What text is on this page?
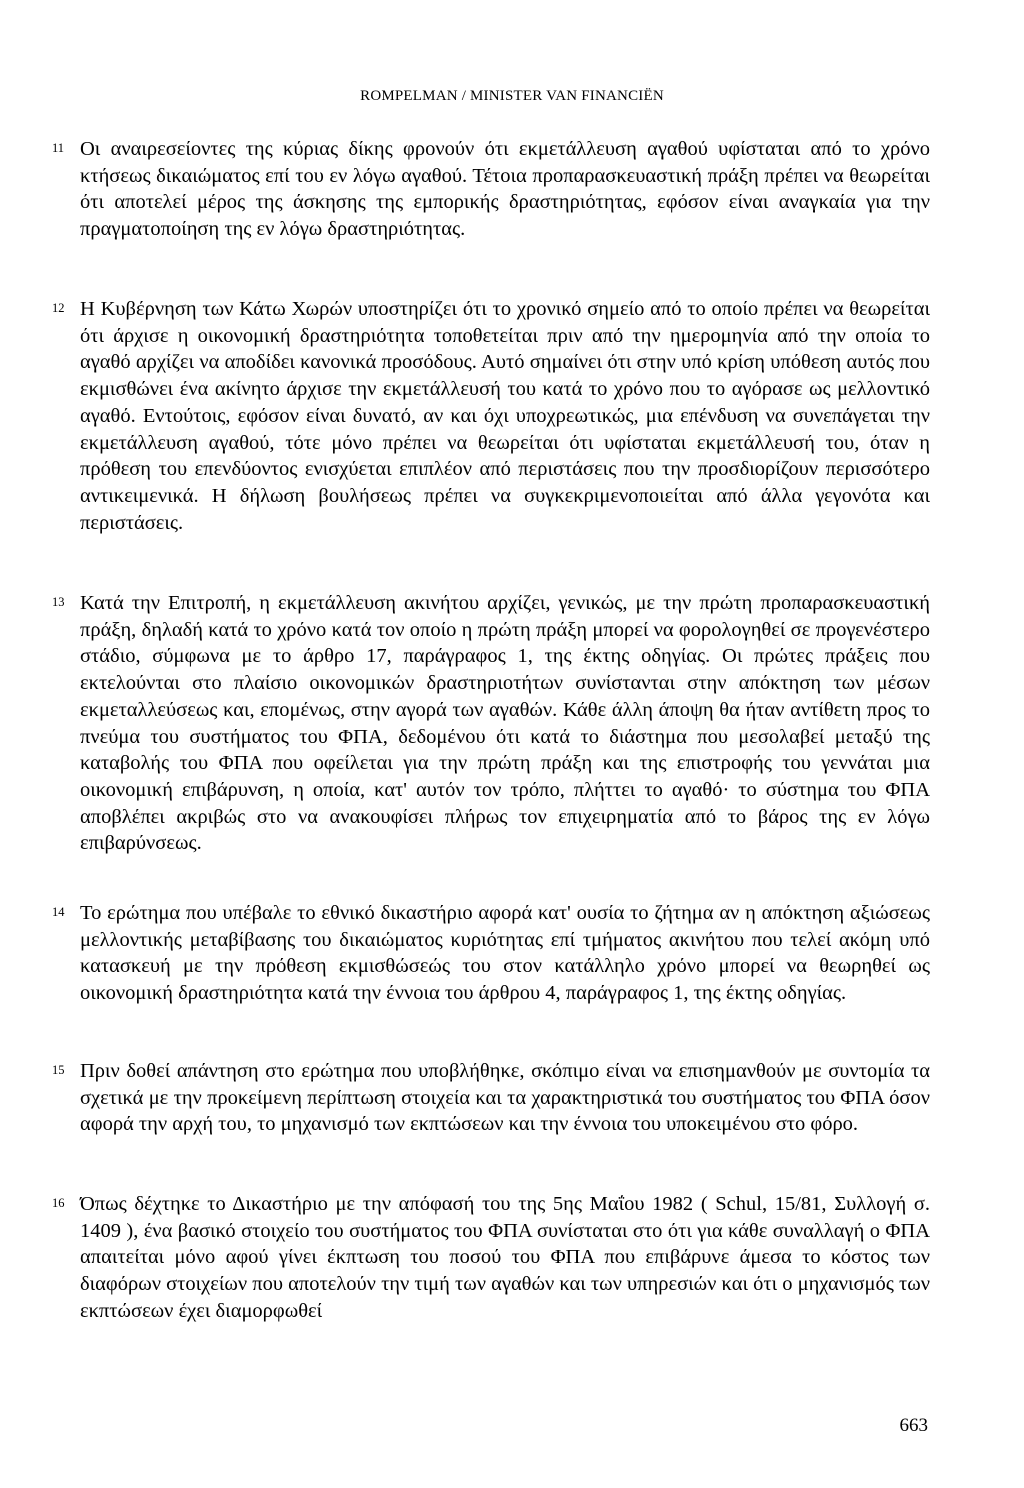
ROMPELMAN / MINISTER VAN FINANCIËN
11 Οι αναιρεσείοντες της κύριας δίκης φρονούν ότι εκμετάλλευση αγαθού υφίσταται από το χρόνο κτήσεως δικαιώματος επί του εν λόγω αγαθού. Τέτοια προπαρασκευαστική πράξη πρέπει να θεωρείται ότι αποτελεί μέρος της άσκησης της εμπορικής δραστηριότητας, εφόσον είναι αναγκαία για την πραγματοποίηση της εν λόγω δραστηριότητας.
12 Η Κυβέρνηση των Κάτω Χωρών υποστηρίζει ότι το χρονικό σημείο από το οποίο πρέπει να θεωρείται ότι άρχισε η οικονομική δραστηριότητα τοποθετείται πριν από την ημερομηνία από την οποία το αγαθό αρχίζει να αποδίδει κανονικά προσόδους. Αυτό σημαίνει ότι στην υπό κρίση υπόθεση αυτός που εκμισθώνει ένα ακίνητο άρχισε την εκμετάλλευσή του κατά το χρόνο που το αγόρασε ως μελλοντικό αγαθό. Εντούτοις, εφόσον είναι δυνατό, αν και όχι υποχρεωτικώς, μια επένδυση να συνεπάγεται την εκμετάλλευση αγαθού, τότε μόνο πρέπει να θεωρείται ότι υφίσταται εκμετάλλευσή του, όταν η πρόθεση του επενδύοντος ενισχύεται επιπλέον από περιστάσεις που την προσδιορίζουν περισσότερο αντικειμενικά. Η δήλωση βουλήσεως πρέπει να συγκεκριμενοποιείται από άλλα γεγονότα και περιστάσεις.
13 Κατά την Επιτροπή, η εκμετάλλευση ακινήτου αρχίζει, γενικώς, με την πρώτη προπαρασκευαστική πράξη, δηλαδή κατά το χρόνο κατά τον οποίο η πρώτη πράξη μπορεί να φορολογηθεί σε προγενέστερο στάδιο, σύμφωνα με το άρθρο 17, παράγραφος 1, της έκτης οδηγίας. Οι πρώτες πράξεις που εκτελούνται στο πλαίσιο οικονομικών δραστηριοτήτων συνίστανται στην απόκτηση των μέσων εκμεταλλεύσεως και, επομένως, στην αγορά των αγαθών. Κάθε άλλη άποψη θα ήταν αντίθετη προς το πνεύμα του συστήματος του ΦΠΑ, δεδομένου ότι κατά το διάστημα που μεσολαβεί μεταξύ της καταβολής του ΦΠΑ που οφείλεται για την πρώτη πράξη και της επιστροφής του γεννάται μια οικονομική επιβάρυνση, η οποία, κατ' αυτόν τον τρόπο, πλήττει το αγαθό· το σύστημα του ΦΠΑ αποβλέπει ακριβώς στο να ανακουφίσει πλήρως τον επιχειρηματία από το βάρος της εν λόγω επιβαρύνσεως.
14 Το ερώτημα που υπέβαλε το εθνικό δικαστήριο αφορά κατ' ουσία το ζήτημα αν η απόκτηση αξιώσεως μελλοντικής μεταβίβασης του δικαιώματος κυριότητας επί τμήματος ακινήτου που τελεί ακόμη υπό κατασκευή με την πρόθεση εκμισθώσεώς του στον κατάλληλο χρόνο μπορεί να θεωρηθεί ως οικονομική δραστηριότητα κατά την έννοια του άρθρου 4, παράγραφος 1, της έκτης οδηγίας.
15 Πριν δοθεί απάντηση στο ερώτημα που υποβλήθηκε, σκόπιμο είναι να επισημανθούν με συντομία τα σχετικά με την προκείμενη περίπτωση στοιχεία και τα χαρακτηριστικά του συστήματος του ΦΠΑ όσον αφορά την αρχή του, το μηχανισμό των εκπτώσεων και την έννοια του υποκειμένου στο φόρο.
16 Όπως δέχτηκε το Δικαστήριο με την απόφασή του της 5ης Μαΐου 1982 ( Schul, 15/81, Συλλογή σ. 1409 ), ένα βασικό στοιχείο του συστήματος του ΦΠΑ συνίσταται στο ότι για κάθε συναλλαγή ο ΦΠΑ απαιτείται μόνο αφού γίνει έκπτωση του ποσού του ΦΠΑ που επιβάρυνε άμεσα το κόστος των διαφόρων στοιχείων που αποτελούν την τιμή των αγαθών και των υπηρεσιών και ότι ο μηχανισμός των εκπτώσεων έχει διαμορφωθεί
663
